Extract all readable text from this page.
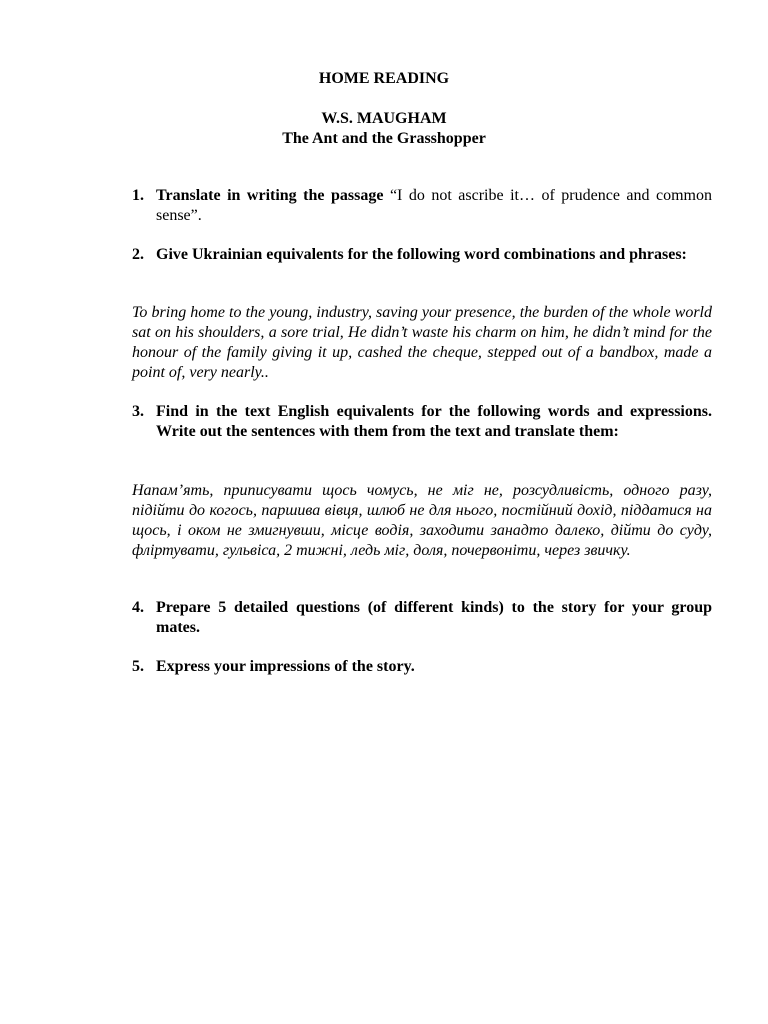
HOME READING
W.S. MAUGHAM
The Ant and the Grasshopper
1. Translate in writing the passage “I do not ascribe it… of prudence and common sense”.
2. Give Ukrainian equivalents for the following word combinations and phrases:
To bring home to the young, industry, saving your presence, the burden of the whole world sat on his shoulders, a sore trial, He didn’t waste his charm on him, he didn’t mind for the honour of the family giving it up, cashed the cheque, stepped out of a bandbox, made a point of, very nearly..
3. Find in the text English equivalents for the following words and expressions. Write out the sentences with them from the text and translate them:
Напам’ять, приписувати щось чомусь, не міг не, розсудливість, одного разу, підійти до когось, паршива вівця, шлюб не для нього, постійний дохід, піддатися на щось, і оком не змигнувши, місце водія, заходити занадто далеко, дійти до суду, фліртувати, гульвіса, 2 тижні, ледь міг, доля, почервоніти, через звичку.
4. Prepare 5 detailed questions (of different kinds) to the story for your group mates.
5. Express your impressions of the story.
